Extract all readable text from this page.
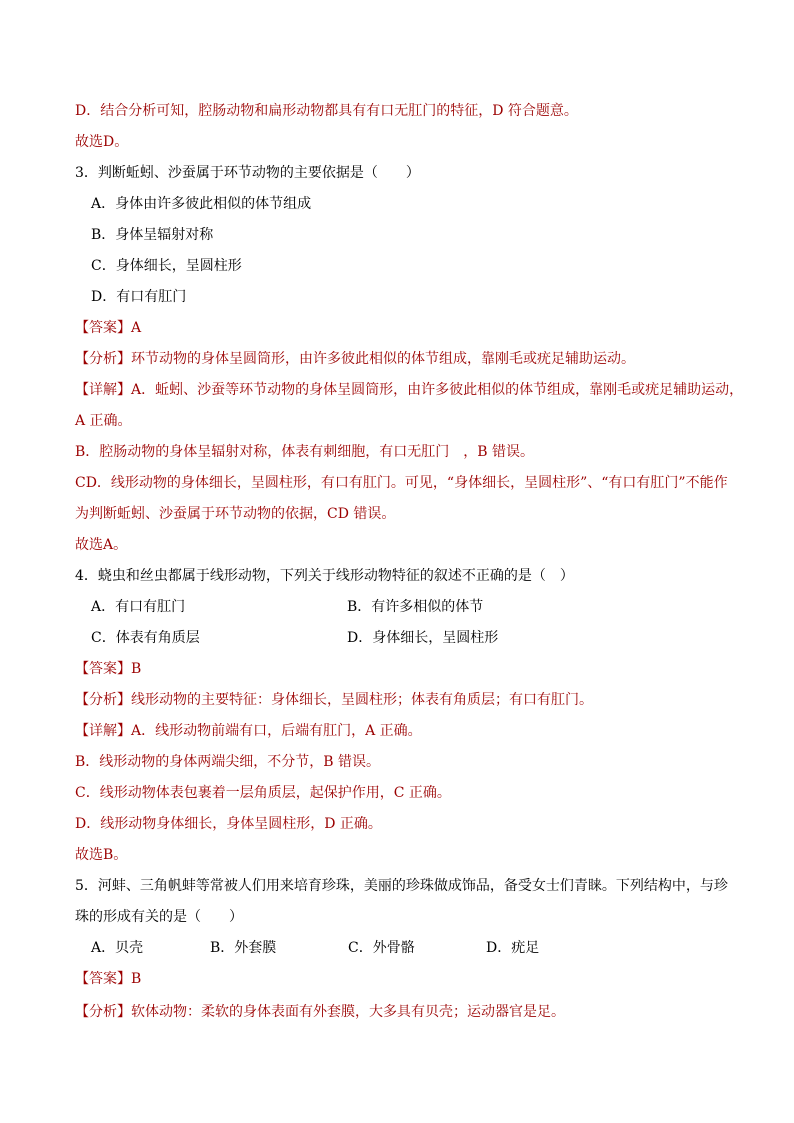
D．结合分析可知，腔肠动物和扁形动物都具有有口无肛门的特征，D 符合题意。
故选D。
3．判断蚯蚓、沙蚕属于环节动物的主要依据是（　　）
A．身体由许多彼此相似的体节组成
B．身体呈辐射对称
C．身体细长，呈圆柱形
D．有口有肛门
【答案】A
【分析】环节动物的身体呈圆筒形，由许多彼此相似的体节组成，靠刚毛或疣足辅助运动。
【详解】A．蚯蚓、沙蚕等环节动物的身体呈圆筒形，由许多彼此相似的体节组成，靠刚毛或疣足辅助运动，
A 正确。
B．腔肠动物的身体呈辐射对称，体表有刺细胞，有口无肛门　，B 错误。
CD．线形动物的身体细长，呈圆柱形，有口有肛门。可见，“身体细长，呈圆柱形”、“有口有肛门”不能作
为判断蚯蚓、沙蚕属于环节动物的依据，CD 错误。
故选A。
4．蛲虫和丝虫都属于线形动物，下列关于线形动物特征的叙述不正确的是（　）
A．有口有肛门	B．有许多相似的体节
C．体表有角质层	D．身体细长，呈圆柱形
【答案】B
【分析】线形动物的主要特征：身体细长，呈圆柱形；体表有角质层；有口有肛门。
【详解】A．线形动物前端有口，后端有肛门，A 正确。
B．线形动物的身体两端尖细，不分节，B 错误。
C．线形动物体表包裹着一层角质层，起保护作用，C 正确。
D．线形动物身体细长，身体呈圆柱形，D 正确。
故选B。
5．河蚌、三角帆蚌等常被人们用来培育珍珠，美丽的珍珠做成饰品，备受女士们青睐。下列结构中，与珍
珠的形成有关的是（　　）
A．贝壳	B．外套膜	C．外骨骼	D．疣足
【答案】B
【分析】软体动物：柔软的身体表面有外套膜，大多具有贝壳；运动器官是足。
